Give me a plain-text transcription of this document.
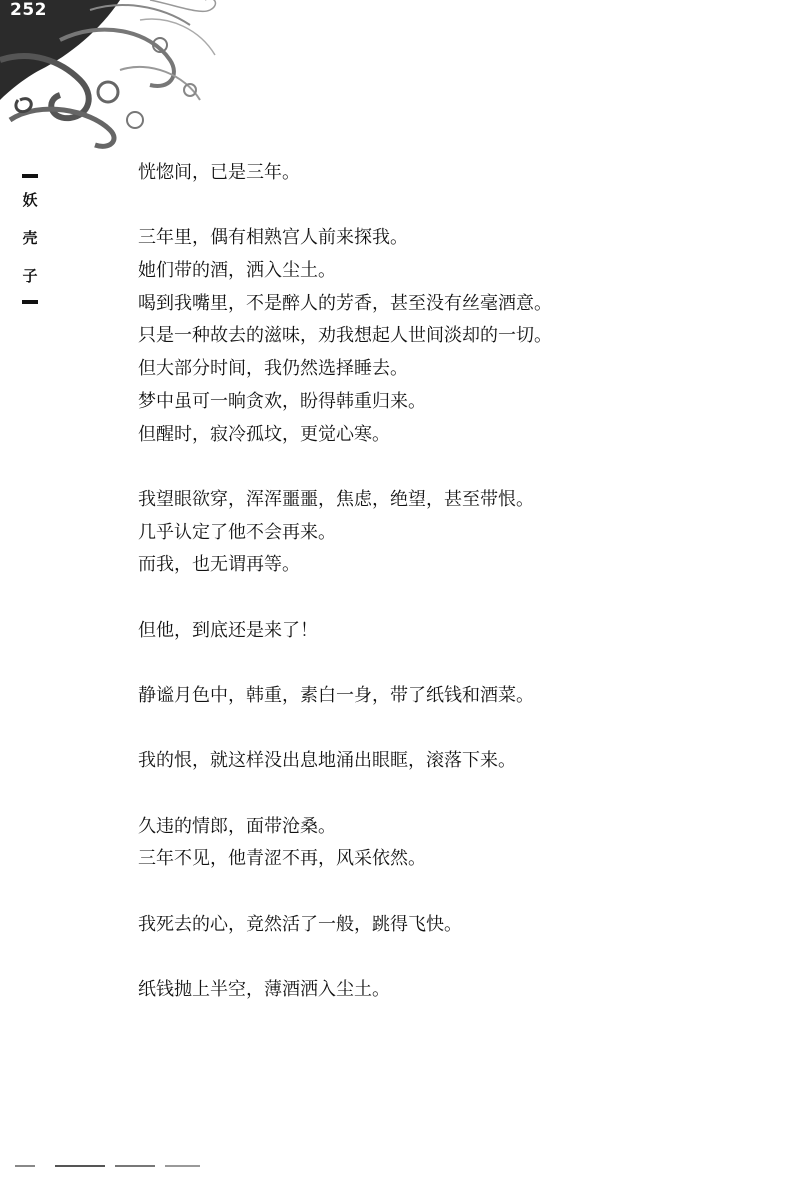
252
妖
壳
子
恍惚间，已是三年。
三年里，偶有相熟宫人前来探我。
她们带的酒，洒入尘土。
喝到我嘴里，不是醉人的芳香，甚至没有丝毫酒意。
只是一种故去的滋味，劝我想起人世间淡却的一切。
但大部分时间，我仍然选择睡去。
梦中虽可一晌贪欢，盼得韩重归来。
但醒时，寂冷孤坟，更觉心寒。
我望眼欲穿，浑浑噩噩，焦虑，绝望，甚至带恨。
几乎认定了他不会再来。
而我，也无谓再等。
但他，到底还是来了！
静谧月色中，韩重，素白一身，带了纸钱和酒菜。
我的恨，就这样没出息地涌出眼眶，滚落下来。
久违的情郎，面带沧桑。
三年不见，他青涩不再，风采依然。
我死去的心，竟然活了一般，跳得飞快。
纸钱抛上半空，薄酒洒入尘土。
